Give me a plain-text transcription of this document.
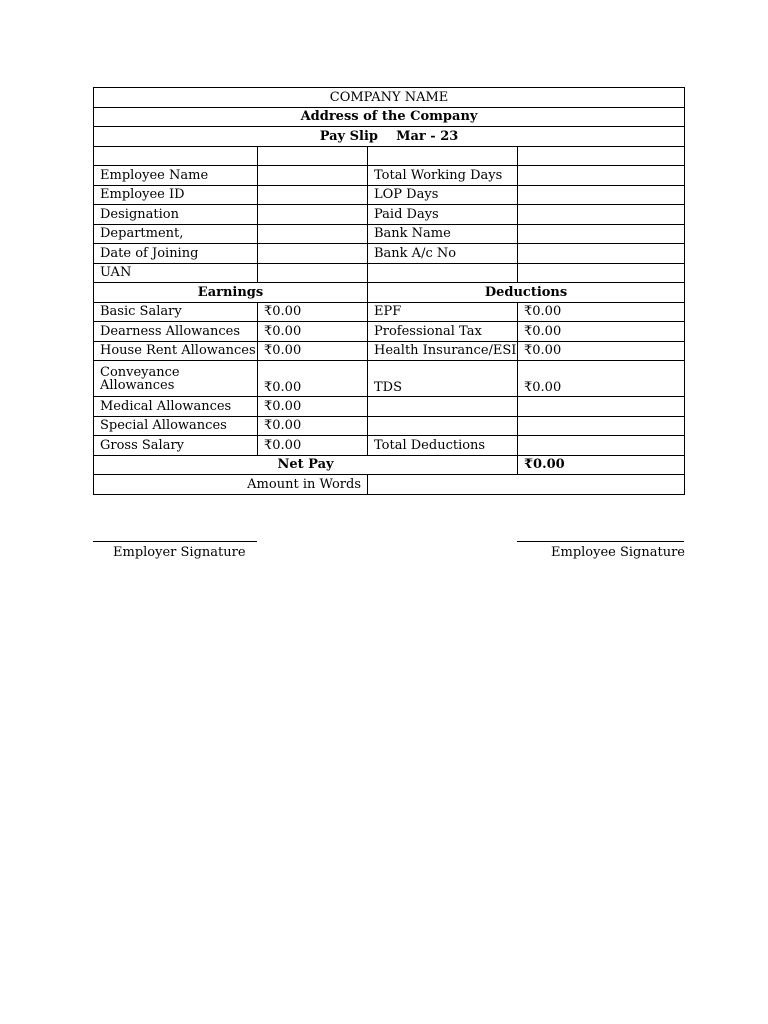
COMPANY NAME			
Address of the Company			
Pay Slip Mar - 23			

Employee Name		Total Working Days	
Employee ID		LOP Days	
Designation		Paid Days	
Department,		Bank Name	
Date of Joining		Bank A/c No	
UAN			
Earnings		Deductions	
Basic Salary	₹0.00	EPF	₹0.00
Dearness Allowances	₹0.00	Professional Tax	₹0.00
House Rent Allowances	₹0.00	Health Insurance/ESI	₹0.00
Conveyance Allowances	₹0.00	TDS	₹0.00
Medical Allowances	₹0.00		
Special Allowances	₹0.00		
Gross Salary	₹0.00	Total Deductions	
Net Pay			₹0.00
Amount in Words			
Employer Signature	Employee Signature
